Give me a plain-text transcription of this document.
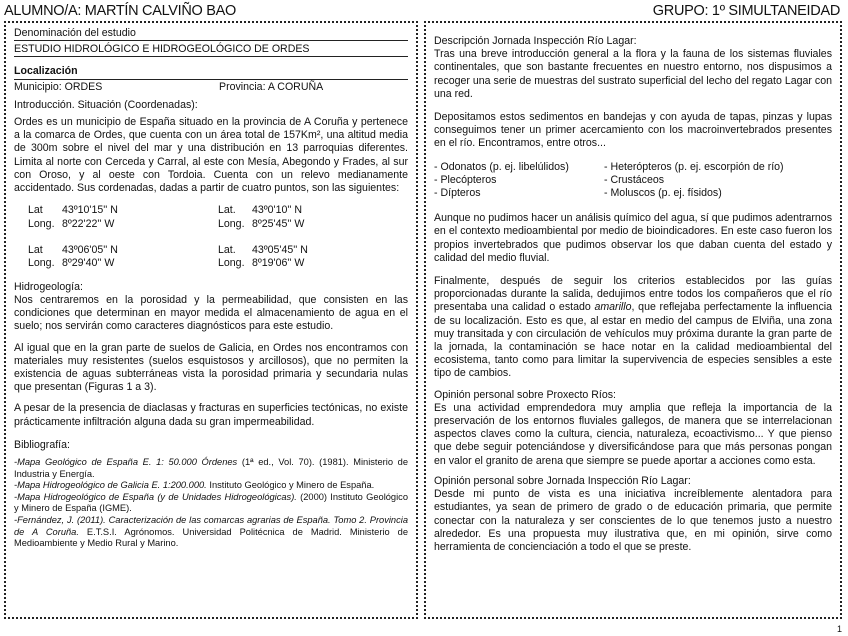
ALUMNO/A: MARTÍN CALVIÑO BAO	GRUPO: 1º SIMULTANEIDAD
Denominación del estudio
ESTUDIO HIDROLÓGICO E HIDROGEOLÓGICO DE ORDES
Localización
Municipio: ORDES	Provincia: A CORUÑA

Introducción. Situación (Coordenadas):

Ordes es un municipio de España situado en la provincia de A Coruña y pertenece a la comarca de Ordes, que cuenta con un área total de 157Km², una altitud media de 300m sobre el nivel del mar y una distribución en 13 parroquias diferentes. Limita al norte con Cerceda y Carral, al este con Mesía, Abegondo y Frades, al sur con Oroso, y al oeste con Tordoia. Cuenta con un relevo medianamente accidentado. Sus cordenadas, dadas a partir de cuatro puntos, son las siguientes:

Lat 43º10'15'' N
Long. 8º22'22'' W
Lat. 43º0'10'' N
Long. 8º25'45'' W
Lat 43º06'05'' N
Long. 8º29'40'' W
Lat. 43º05'45'' N
Long. 8º19'06'' W

Hidrogeología:

Nos centraremos en la porosidad y la permeabilidad, que consisten en las condiciones que determinan en mayor medida el almacenamiento de agua en el suelo; nos servirán como caracteres diagnósticos para este estudio.

Al igual que en la gran parte de suelos de Galicia, en Ordes nos encontramos con materiales muy resistentes (suelos esquistosos y arcillosos), que no permiten la existencia de aguas subterráneas vista la porosidad primaria y secundaria nulas que presentan (Figuras 1 a 3).

A pesar de la presencia de diaclasas y fracturas en superficies tectónicas, no existe prácticamente infiltración alguna dada su gran impermeabilidad.

Bibliografía:

-Mapa Geológico de España E. 1: 50.000 Órdenes (1ª ed., Vol. 70). (1981). Ministerio de Industria y Energía.

-Mapa Hidrogeológico de Galicia E. 1:200.000. Instituto Geológico y Minero de España.

-Mapa Hidrogeológico de España (y de Unidades Hidrogeológicas). (2000) Instituto Geológico y Minero de España (IGME).

-Fernández, J. (2011). Caracterización de las comarcas agrarias de España. Tomo 2. Provincia de A Coruña. E.T.S.I. Agrónomos. Universidad Politécnica de Madrid. Ministerio de Medioambiente y Medio Rural y Marino.

Descripción Jornada Inspección Río Lagar:

Tras una breve introducción general a la flora y la fauna de los sistemas fluviales continentales, que son bastante frecuentes en nuestro entorno, nos dispusimos a recoger una serie de muestras del sustrato superficial del lecho del regato Lagar con una red.

Depositamos estos sedimentos en bandejas y con ayuda de tapas, pinzas y lupas conseguimos tener un primer acercamiento con los macroinvertebrados presentes en el río. Encontramos, entre otros...

- Odonatos (p. ej. libelúlidos)

- Plecópteros

- Dípteros

- Heterópteros (p. ej. escorpión de río)

- Crustáceos

- Moluscos (p. ej. físidos)

Aunque no pudimos hacer un análisis químico del agua, sí que pudimos adentrarnos en el contexto medioambiental por medio de bioindicadores. En este caso fueron los propios invertebrados que pudimos observar los que daban cuenta del estado y calidad del medio fluvial.

Finalmente, después de seguir los criterios establecidos por las guías proporcionadas durante la salida, dedujimos entre todos los compañeros que el río presentaba una calidad o estado amarillo, que reflejaba perfectamente la influencia de su localización. Esto es que, al estar en medio del campus de Elviña, una zona muy transitada y con circulación de vehículos muy próxima durante la gran parte de la jornada, la contaminación se hace notar en la calidad medioambiental del ecosistema, tanto como para limitar la supervivencia de especies sensibles a este tipo de cambios.

Opinión personal sobre Proxecto Ríos:

Es una actividad emprendedora muy amplia que refleja la importancia de la preservación de los entornos fluviales gallegos, de manera que se interrelacionan aspectos claves como la cultura, ciencia, naturaleza, ecoactivismo... Y que pienso que debe seguir potenciándose y diversificándose para que más personas pongan en valor el granito de arena que siempre se puede aportar a acciones como esta.

Opinión personal sobre Jornada Inspección Río Lagar:

Desde mi punto de vista es una iniciativa increíblemente alentadora para estudiantes, ya sean de primero de grado o de educación primaria, que permite conectar con la naturaleza y ser conscientes de lo que tenemos justo a nuestro alrededor. Es una propuesta muy ilustrativa que, en mi opinión, sirve como herramienta de concienciación a todo el que se preste.

1
